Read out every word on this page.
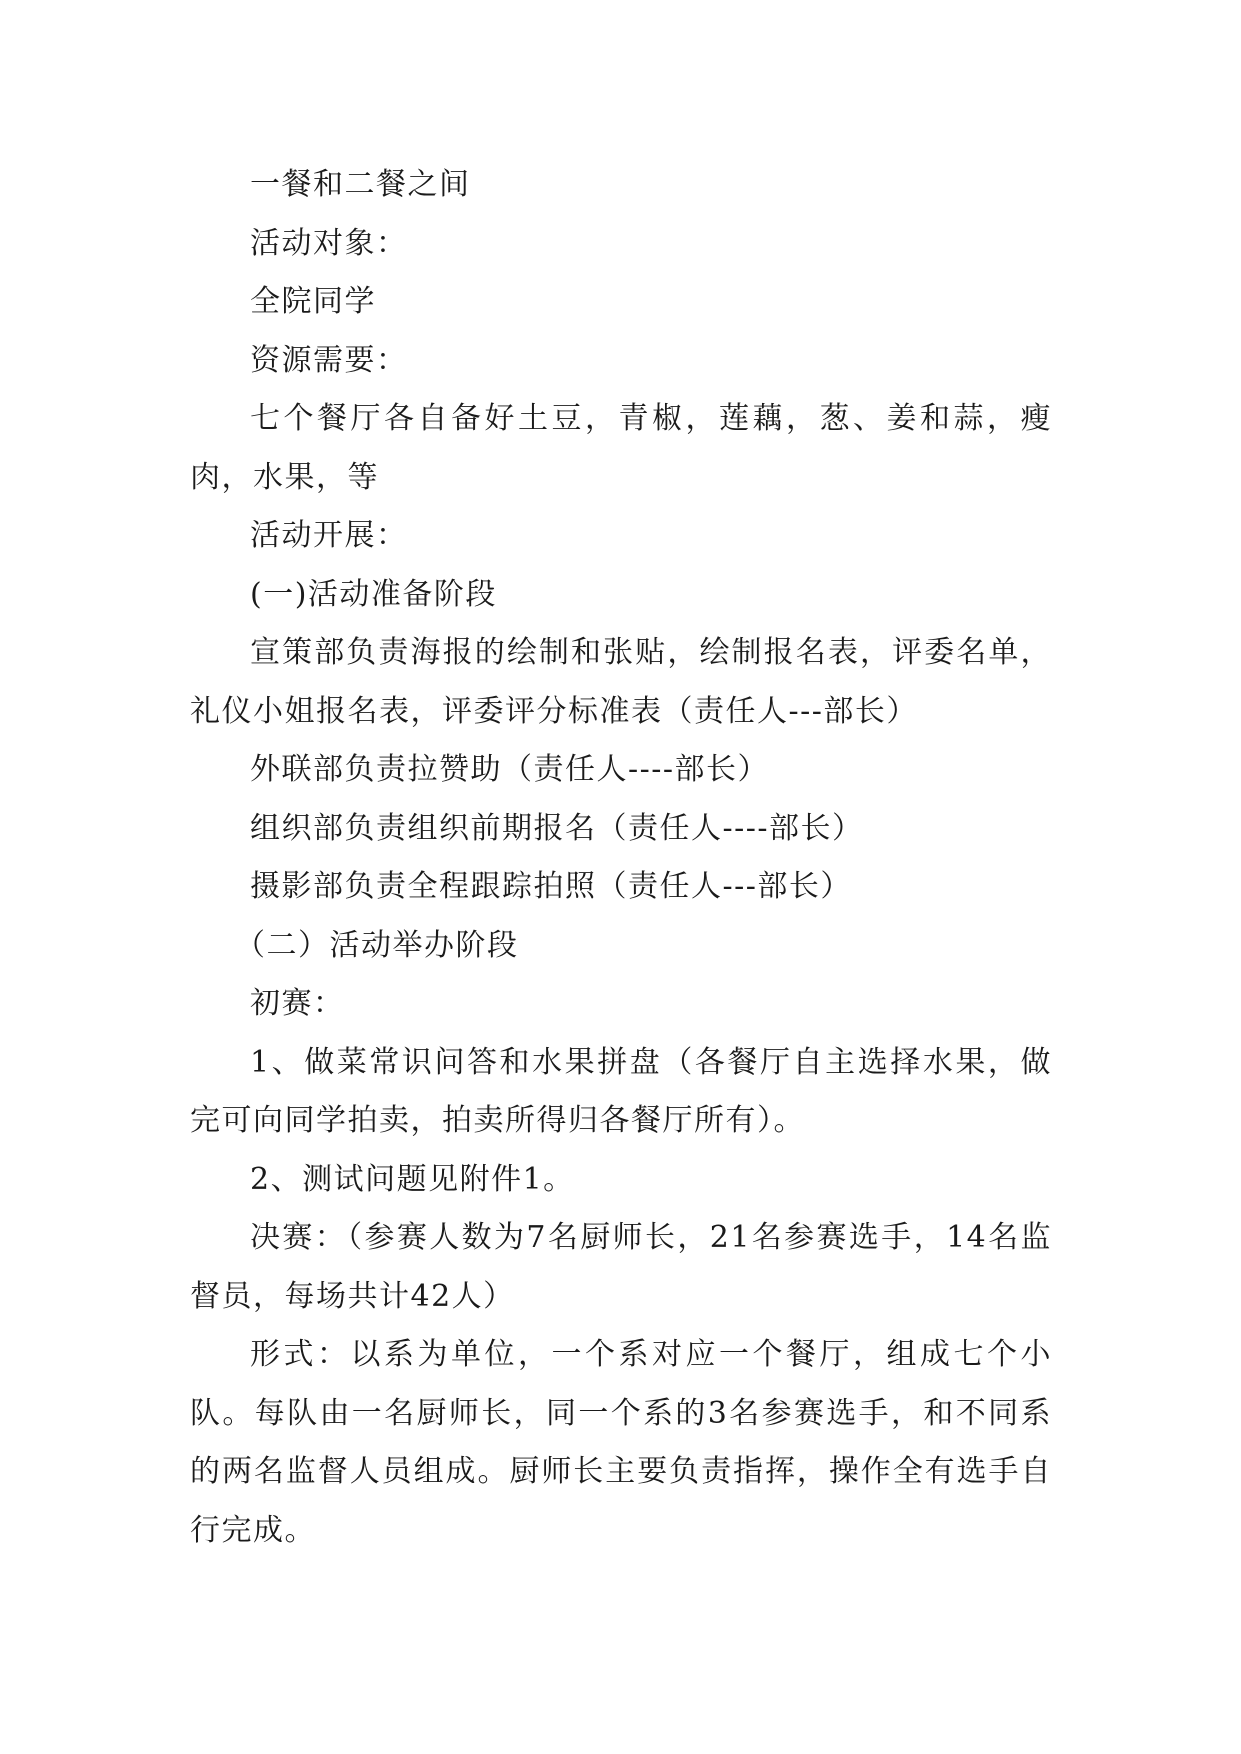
一餐和二餐之间

活动对象：

全院同学

资源需要：

七个餐厅各自备好土豆，青椒，莲藕，葱、姜和蒜，瘦肉，水果，等

活动开展：

(一)活动准备阶段

宣策部负责海报的绘制和张贴，绘制报名表，评委名单，礼仪小姐报名表，评委评分标准表（责任人---部长）

外联部负责拉赞助（责任人----部长）

组织部负责组织前期报名（责任人----部长）

摄影部负责全程跟踪拍照（责任人---部长）

（二）活动举办阶段

初赛：

1、做菜常识问答和水果拼盘（各餐厅自主选择水果，做完可向同学拍卖，拍卖所得归各餐厅所有）。

2、测试问题见附件1。

决赛：（参赛人数为7名厨师长，21名参赛选手，14名监督员，每场共计42人）

形式：以系为单位，一个系对应一个餐厅，组成七个小队。每队由一名厨师长，同一个系的3名参赛选手，和不同系的两名监督人员组成。厨师长主要负责指挥，操作全有选手自行完成。
